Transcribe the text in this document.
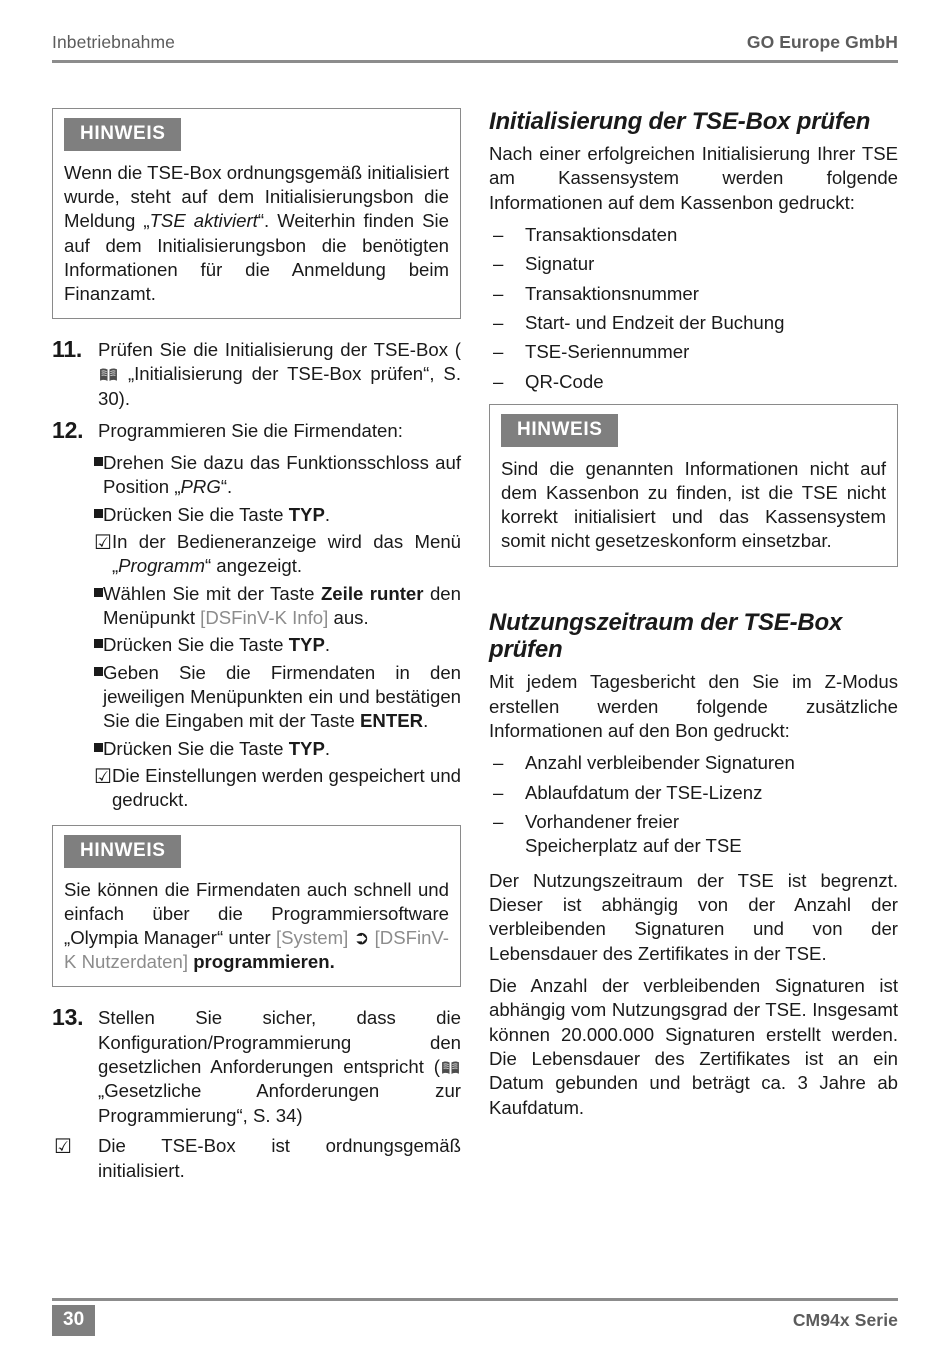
Inbetriebnahme	GO Europe GmbH
HINWEIS
Wenn die TSE-Box ordnungsgemäß initialisiert wurde, steht auf dem Initialisierungsbon die Meldung „TSE aktiviert“. Weiterhin finden Sie auf dem Initialisierungsbon die benötigten Informationen für die Anmeldung beim Finanzamt.
11. Prüfen Sie die Initialisierung der TSE-Box ( „Initialisierung der TSE-Box prüfen“, S. 30).
12. Programmieren Sie die Firmendaten:
Drehen Sie dazu das Funktionsschloss auf Position „PRG“.
Drücken Sie die Taste TYP.
☑ In der Bedieneranzeige wird das Menü „Programm“ angezeigt.
Wählen Sie mit der Taste Zeile runter den Menüpunkt [DSFinV-K Info] aus.
Drücken Sie die Taste TYP.
Geben Sie die Firmendaten in den jeweiligen Menüpunkten ein und bestätigen Sie die Eingaben mit der Taste ENTER.
Drücken Sie die Taste TYP.
☑ Die Einstellungen werden gespeichert und gedruckt.
HINWEIS
Sie können die Firmendaten auch schnell und einfach über die Programmiersoftware „Olympia Manager“ unter [System] ➲ [DSFinV-K Nutzerdaten] programmieren.
13. Stellen Sie sicher, dass die Konfiguration/Programmierung den gesetzlichen Anforderungen entspricht ( „Gesetzliche Anforderungen zur Programmierung“, S. 34)
☑	Die TSE-Box ist ordnungsgemäß initialisiert.
Initialisierung der TSE-Box prüfen

Nach einer erfolgreichen Initialisierung Ihrer TSE am Kassensystem werden folgende Informationen auf dem Kassenbon gedruckt:

–	Transaktionsdaten
–	Signatur
–	Transaktionsnummer
–	Start- und Endzeit der Buchung
–	TSE-Seriennummer
–	QR-Code
HINWEIS
Sind die genannten Informationen nicht auf dem Kassenbon zu finden, ist die TSE nicht korrekt initialisiert und das Kassensystem somit nicht gesetzeskonform einsetzbar.
Nutzungszeitraum der TSE-Box prüfen

Mit jedem Tagesbericht den Sie im Z-Modus erstellen werden folgende zusätzliche Informationen auf den Bon gedruckt:

–	Anzahl verbleibender Signaturen
–	Ablaufdatum der TSE-Lizenz
–	Vorhandener freier Speicherplatz auf der TSE

Der Nutzungszeitraum der TSE ist begrenzt. Dieser ist abhängig von der Anzahl der verbleibenden Signaturen und von der Lebensdauer des Zertifikates in der TSE.

Die Anzahl der verbleibenden Signaturen ist abhängig vom Nutzungsgrad der TSE. Insgesamt können 20.000.000 Signaturen erstellt werden. Die Lebensdauer des Zertifikates ist an ein Datum gebunden und beträgt ca. 3 Jahre ab Kaufdatum.

30	CM94x Serie
